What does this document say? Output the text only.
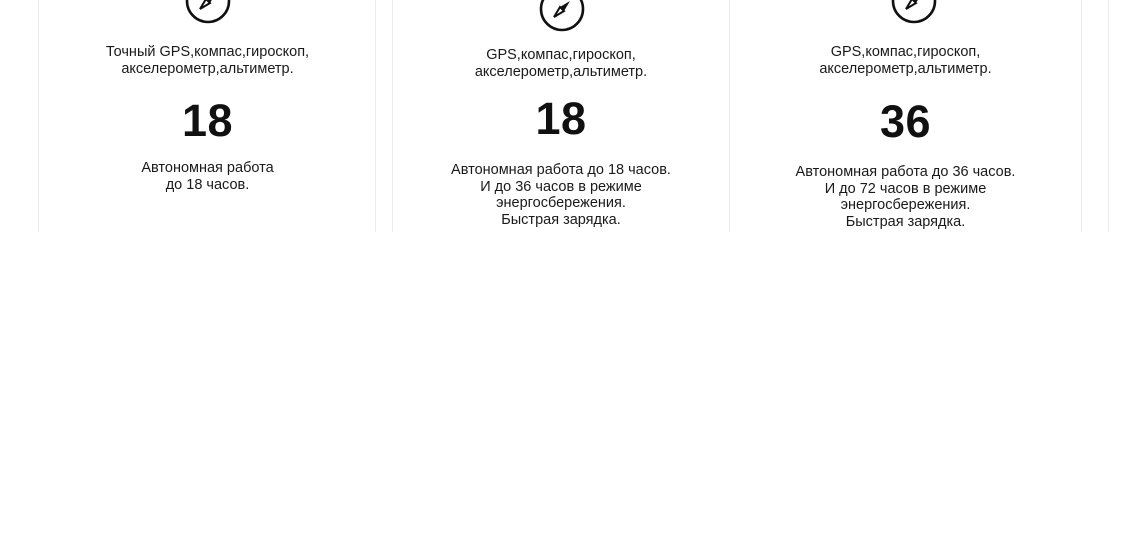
Точный GPS,компас,гироскоп,
акселерометр,альтиметр.
18
Автономная работа
до 18 часов.
GPS,компас,гироскоп,
акселерометр,альтиметр.
18
Автономная работа до 18 часов.
И до 36 часов в режиме
энергосбережения.
Быстрая зарядка.
GPS,компас,гироскоп,
акселерометр,альтиметр.
36
Автономная работа до 36 часов.
И до 72 часов в режиме
энергосбережения.
Быстрая зарядка.
